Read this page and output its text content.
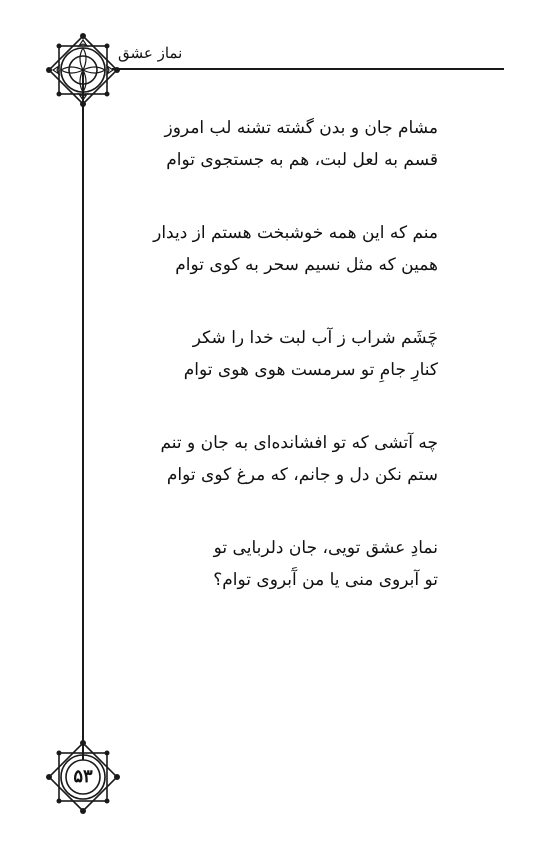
نماز عشق
مشام جان و بدن گشته تشنه لب امروز
قسم به لعل لبت، هم به جستجوی توام
منم که این همه خوشبخت هستم از دیدار
همین که مثل نسیم سحر به کوی توام
چَشَم شراب ز آب لبت خدا را شکر
کنارِ جامِ تو سرمست هوی هوی توام
چه آتشی که تو افشانده‌ای به جان و تنم
ستم نکن دل و جانم، که مرغ کوی توام
نمادِ عشق تویی، جان دلربایی تو
تو آبروی منی یا من آَبروی توام؟
۵۳
